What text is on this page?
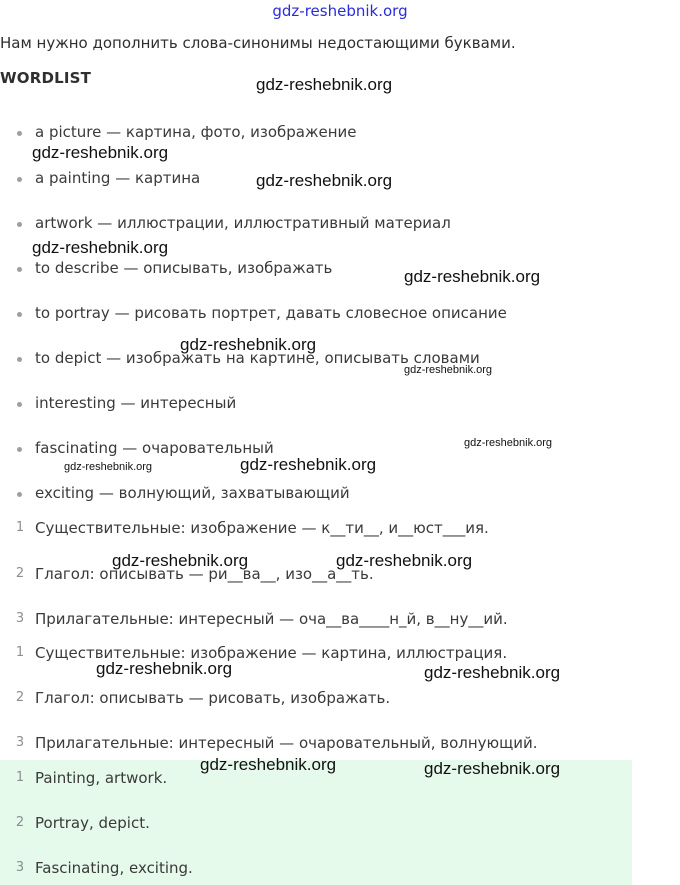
gdz-reshebnik.org
Нам нужно дополнить слова-синонимы недостающими буквами.
WORDLIST
a picture — картина, фото, изображение
a painting — картина
artwork — иллюстрации, иллюстративный материал
to describe — описывать, изображать
to portray — рисовать портрет, давать словесное описание
to depict — изображать на картине, описывать словами
interesting — интересный
fascinating — очаровательный
exciting — волнующий, захватывающий
1 Существительные: изображение — к__ти__, и__юст___ия.
2 Глагол: описывать — ри__ва__, изо__а__ть.
3 Прилагательные: интересный — оча__ва____н_й, в__ну__ий.
1 Существительные: изображение — картина, иллюстрация.
2 Глагол: описывать — рисовать, изображать.
3 Прилагательные: интересный — очаровательный, волнующий.
1 Painting, artwork.
2 Portray, depict.
3 Fascinating, exciting.
gdz-reshebnik.org
gdz-reshebnik.org
gdz-reshebnik.org
gdz-reshebnik.org
gdz-reshebnik.org
gdz-reshebnik.org
gdz-reshebnik.org
gdz-reshebnik.org
gdz-reshebnik.org	gdz-reshebnik.org
gdz-reshebnik.org	gdz-reshebnik.org
gdz-reshebnik.org	gdz-reshebnik.org
gdz-reshebnik.org	gdz-reshebnik.org
